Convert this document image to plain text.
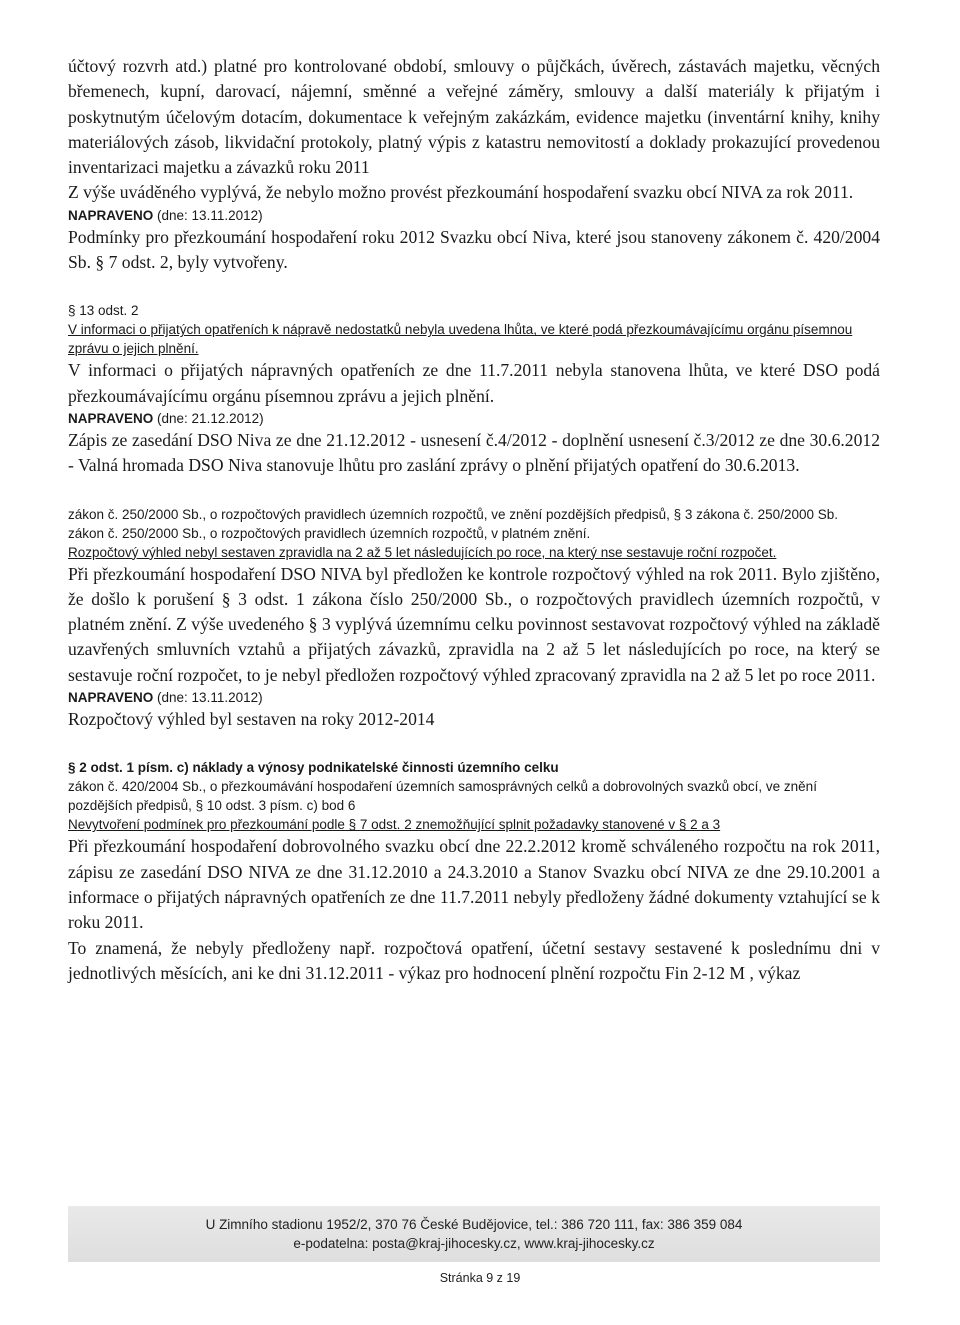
účtový rozvrh atd.) platné pro kontrolované období, smlouvy o půjčkách, úvěrech, zástavách majetku, věcných břemenech, kupní, darovací, nájemní, směnné a veřejné záměry, smlouvy a další materiály k přijatým i poskytnutým účelovým dotacím, dokumentace k veřejným zakázkám, evidence majetku (inventární knihy, knihy materiálových zásob, likvidační protokoly, platný výpis z katastru nemovitostí a doklady prokazující provedenou inventarizaci majetku a závazků roku 2011

Z výše uváděného vyplývá, že nebylo možno provést přezkoumání hospodaření svazku obcí NIVA za rok 2011.

NAPRAVENO (dne: 13.11.2012)

Podmínky pro přezkoumání hospodaření roku 2012 Svazku obcí Niva, které jsou stanoveny zákonem č. 420/2004 Sb. § 7 odst. 2, byly vytvořeny.

§ 13 odst. 2

V informaci o přijatých opatřeních k nápravě nedostatků nebyla uvedena lhůta, ve které podá přezkoumávajícímu orgánu písemnou zprávu o jejich plnění.

V informaci o přijatých nápravných opatřeních ze dne 11.7.2011 nebyla stanovena lhůta, ve které DSO podá přezkoumávajícímu orgánu písemnou zprávu a jejich plnění.

NAPRAVENO (dne: 21.12.2012)

Zápis ze zasedání DSO Niva ze dne 21.12.2012 - usnesení č.4/2012 - doplnění usnesení č.3/2012 ze dne 30.6.2012 - Valná hromada DSO Niva stanovuje lhůtu pro zaslání zprávy o plnění přijatých opatření do 30.6.2013.

zákon č. 250/2000 Sb., o rozpočtových pravidlech územních rozpočtů, ve znění pozdějších předpisů, § 3 zákona č. 250/2000 Sb.

zákon č. 250/2000 Sb., o rozpočtových pravidlech územních rozpočtů, v platném znění.

Rozpočtový výhled nebyl sestaven zpravidla na 2 až 5 let následujících po roce, na který nse sestavuje roční rozpočet.

Při přezkoumání hospodaření DSO NIVA byl předložen ke kontrole rozpočtový výhled na rok 2011. Bylo zjištěno, že došlo k porušení § 3 odst. 1 zákona číslo 250/2000 Sb., o rozpočtových pravidlech územních rozpočtů, v platném znění. Z výše uvedeného § 3 vyplývá územnímu celku povinnost sestavovat rozpočtový výhled na základě uzavřených smluvních vztahů a přijatých závazků, zpravidla na 2 až 5 let následujících po roce, na který se sestavuje roční rozpočet, to je nebyl předložen rozpočtový výhled zpracovaný zpravidla na 2 až 5 let po roce 2011.

NAPRAVENO (dne: 13.11.2012)

Rozpočtový výhled byl sestaven na roky 2012-2014

§ 2 odst. 1 písm. c) náklady a výnosy podnikatelské činnosti územního celku

zákon č. 420/2004 Sb., o přezkoumávání hospodaření územních samosprávných celků a dobrovolných svazků obcí, ve znění pozdějších předpisů, § 10 odst. 3 písm. c) bod 6

Nevytvoření podmínek pro přezkoumání podle § 7 odst. 2 znemožňující splnit požadavky stanovené v § 2 a 3

Při přezkoumání hospodaření dobrovolného svazku obcí dne 22.2.2012 kromě schváleného rozpočtu na rok 2011, zápisu ze zasedání DSO NIVA ze dne 31.12.2010 a 24.3.2010 a Stanov Svazku obcí NIVA ze dne 29.10.2001 a informace o přijatých nápravných opatřeních ze dne 11.7.2011 nebyly předloženy žádné dokumenty vztahující se k roku 2011.

To znamená, že nebyly předloženy např. rozpočtová opatření, účetní sestavy sestavené k poslednímu dni v jednotlivých měsících, ani ke dni 31.12.2011 - výkaz pro hodnocení plnění rozpočtu Fin 2-12 M , výkaz

U Zimního stadionu 1952/2, 370 76 České Budějovice, tel.: 386 720 111, fax: 386 359 084
e-podatelna: posta@kraj-jihocesky.cz, www.kraj-jihocesky.cz
Stránka 9 z 19
